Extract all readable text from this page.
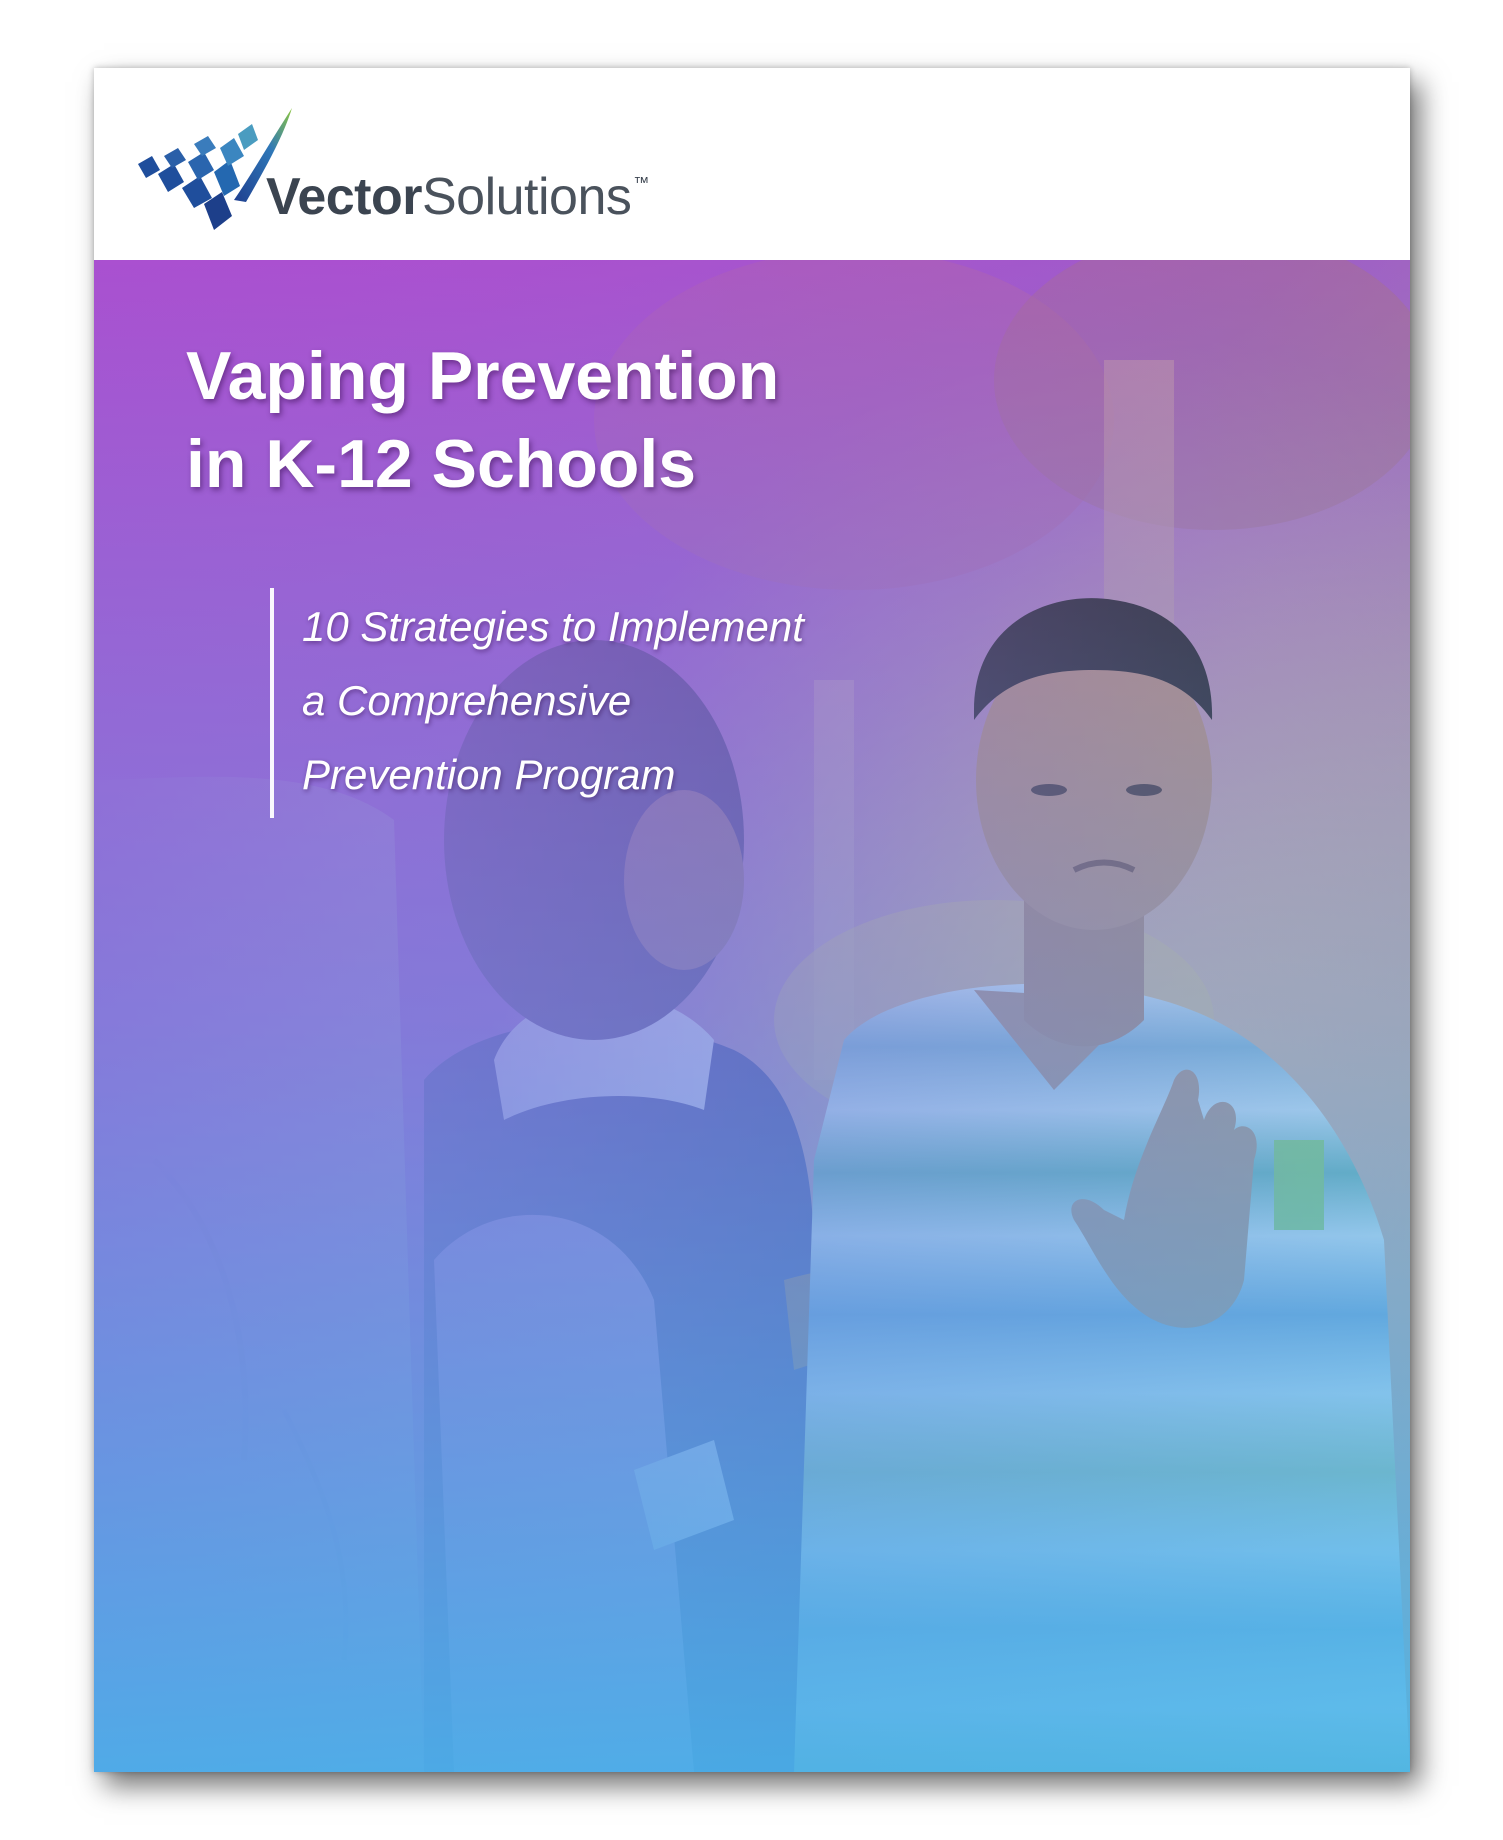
VectorSolutions ™
Vaping Prevention
in K-12 Schools
10 Strategies to Implement
a Comprehensive
Prevention Program
